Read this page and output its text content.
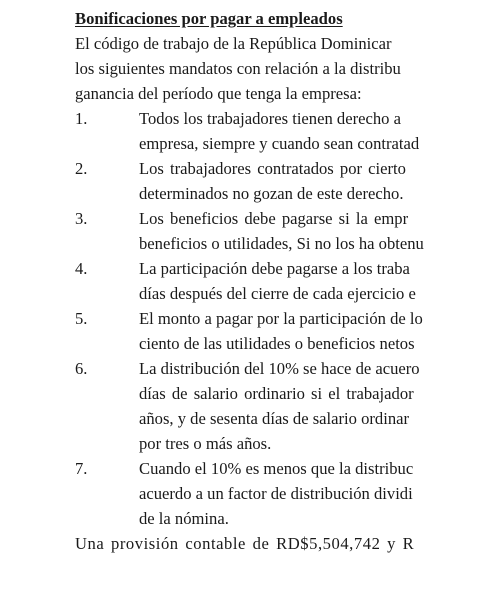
Bonificaciones por pagar a empleados
El código de trabajo de la República Dominicar
los siguientes mandatos con relación a la distribu
ganancia del período que tenga la empresa:
1.	Todos los trabajadores tienen derecho a
empresa, siempre y cuando sean contratad
2.	Los trabajadores contratados por cierto
determinados no gozan de este derecho.
3.	Los beneficios debe pagarse si la empr
beneficios o utilidades, Si no los ha obtenu
4.	La participación debe pagarse a los traba
días después del cierre de cada ejercicio e
5.	El monto a pagar por la participación de lo
ciento de las utilidades o beneficios netos
6.	La distribución del 10% se hace de acuero
días de salario ordinario si el trabajador
años, y de sesenta días de salario ordinar
por tres o más años.
7.	Cuando el 10% es menos que la distribuc
acuerdo a un factor de distribución dividi
de la nómina.
Una provisión contable de RD$5,504,742 y R
